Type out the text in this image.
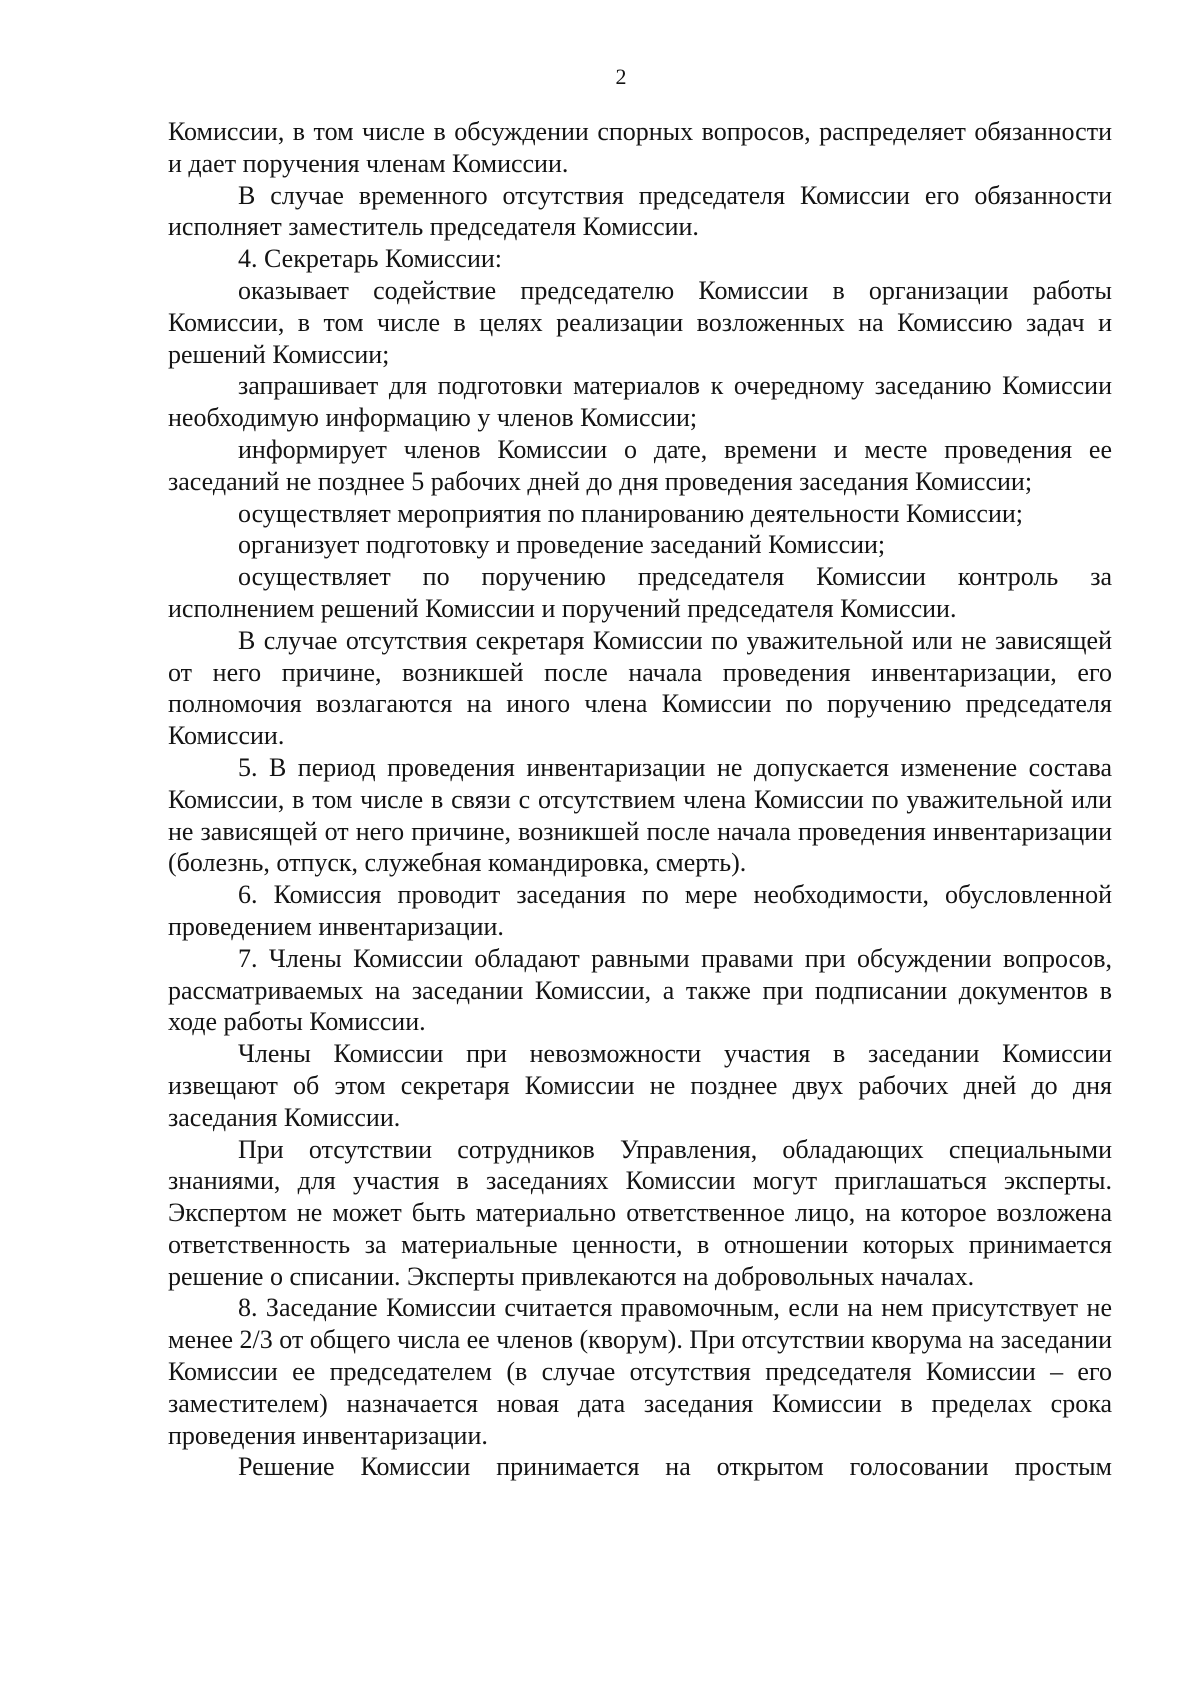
2

Комиссии, в том числе в обсуждении спорных вопросов, распределяет обязанности и дает поручения членам Комиссии.

В случае временного отсутствия председателя Комиссии его обязанности исполняет заместитель председателя Комиссии.

4. Секретарь Комиссии:

оказывает содействие председателю Комиссии в организации работы Комиссии, в том числе в целях реализации возложенных на Комиссию задач и решений Комиссии;

запрашивает для подготовки материалов к очередному заседанию Комиссии необходимую информацию у членов Комиссии;

информирует членов Комиссии о дате, времени и месте проведения ее заседаний не позднее 5 рабочих дней до дня проведения заседания Комиссии;

осуществляет мероприятия по планированию деятельности Комиссии;

организует подготовку и проведение заседаний Комиссии;

осуществляет по поручению председателя Комиссии контроль за исполнением решений Комиссии и поручений председателя Комиссии.

В случае отсутствия секретаря Комиссии по уважительной или не зависящей от него причине, возникшей после начала проведения инвентаризации, его полномочия возлагаются на иного члена Комиссии по поручению председателя Комиссии.

5. В период проведения инвентаризации не допускается изменение состава Комиссии, в том числе в связи с отсутствием члена Комиссии по уважительной или не зависящей от него причине, возникшей после начала проведения инвентаризации (болезнь, отпуск, служебная командировка, смерть).

6. Комиссия проводит заседания по мере необходимости, обусловленной проведением инвентаризации.

7. Члены Комиссии обладают равными правами при обсуждении вопросов, рассматриваемых на заседании Комиссии, а также при подписании документов в ходе работы Комиссии.

Члены Комиссии при невозможности участия в заседании Комиссии извещают об этом секретаря Комиссии не позднее двух рабочих дней до дня заседания Комиссии.

При отсутствии сотрудников Управления, обладающих специальными знаниями, для участия в заседаниях Комиссии могут приглашаться эксперты. Экспертом не может быть материально ответственное лицо, на которое возложена ответственность за материальные ценности, в отношении которых принимается решение о списании. Эксперты привлекаются на добровольных началах.

8. Заседание Комиссии считается правомочным, если на нем присутствует не менее 2/3 от общего числа ее членов (кворум). При отсутствии кворума на заседании Комиссии ее председателем (в случае отсутствия председателя Комиссии – его заместителем) назначается новая дата заседания Комиссии в пределах срока проведения инвентаризации.

Решение Комиссии принимается на открытом голосовании простым
